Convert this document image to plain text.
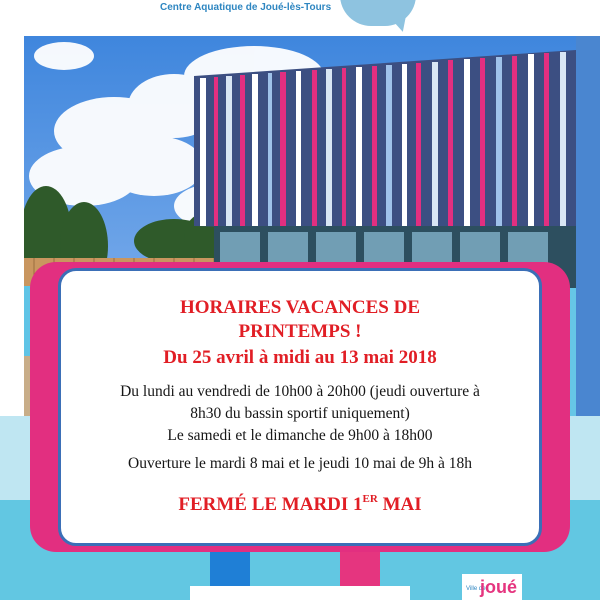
Centre Aquatique de Joué-lès-Tours
Ville de
joué
HORAIRES VACANCES DE
PRINTEMPS !
Du 25 avril à midi au 13 mai 2018
Du lundi au vendredi de 10h00 à 20h00 (jeudi ouverture à
8h30 du bassin sportif uniquement)
Le samedi et le dimanche de 9h00 à 18h00
Ouverture le mardi 8 mai et le jeudi 10 mai de 9h à 18h
FERMÉ LE MARDI 1ER MAI
